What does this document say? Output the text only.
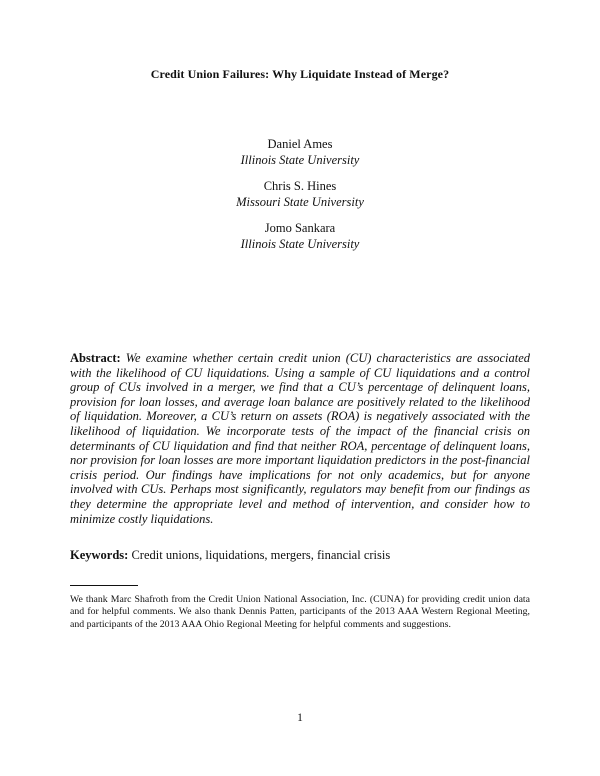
Credit Union Failures: Why Liquidate Instead of Merge?
Daniel Ames
Illinois State University
Chris S. Hines
Missouri State University
Jomo Sankara
Illinois State University

Abstract: We examine whether certain credit union (CU) characteristics are associated with the likelihood of CU liquidations. Using a sample of CU liquidations and a control group of CUs involved in a merger, we find that a CU’s percentage of delinquent loans, provision for loan losses, and average loan balance are positively related to the likelihood of liquidation. Moreover, a CU’s return on assets (ROA) is negatively associated with the likelihood of liquidation. We incorporate tests of the impact of the financial crisis on determinants of CU liquidation and find that neither ROA, percentage of delinquent loans, nor provision for loan losses are more important liquidation predictors in the post-financial crisis period. Our findings have implications for not only academics, but for anyone involved with CUs. Perhaps most significantly, regulators may benefit from our findings as they determine the appropriate level and method of intervention, and consider how to minimize costly liquidations.

Keywords: Credit unions, liquidations, mergers, financial crisis

We thank Marc Shafroth from the Credit Union National Association, Inc. (CUNA) for providing credit union data and for helpful comments. We also thank Dennis Patten, participants of the 2013 AAA Western Regional Meeting, and participants of the 2013 AAA Ohio Regional Meeting for helpful comments and suggestions.

1
